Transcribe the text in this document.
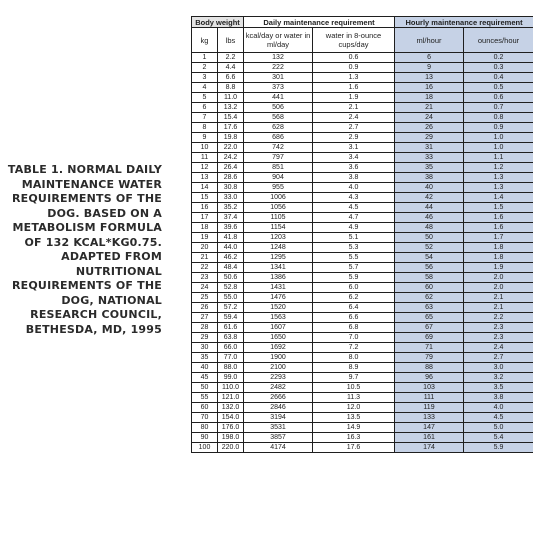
TABLE 1. NORMAL DAILY MAINTENANCE WATER REQUIREMENTS OF THE DOG. BASED ON A METABOLISM FORMULA OF 132 KCAL*KG0.75. ADAPTED FROM NUTRITIONAL REQUIREMENTS OF THE DOG, NATIONAL RESEARCH COUNCIL, BETHESDA, MD, 1995
Body weight		Daily maintenance requirement		Hourly maintenance requirement	
kg	lbs	kcal/day or water in ml/day	water in 8-ounce cups/day	ml/hour	ounces/hour
1	2.2	132	0.6	6	0.2
2	4.4	222	0.9	9	0.3
3	6.6	301	1.3	13	0.4
4	8.8	373	1.6	16	0.5
5	11.0	441	1.9	18	0.6
6	13.2	506	2.1	21	0.7
7	15.4	568	2.4	24	0.8
8	17.6	628	2.7	26	0.9
9	19.8	686	2.9	29	1.0
10	22.0	742	3.1	31	1.0
11	24.2	797	3.4	33	1.1
12	26.4	851	3.6	35	1.2
13	28.6	904	3.8	38	1.3
14	30.8	955	4.0	40	1.3
15	33.0	1006	4.3	42	1.4
16	35.2	1056	4.5	44	1.5
17	37.4	1105	4.7	46	1.6
18	39.6	1154	4.9	48	1.6
19	41.8	1203	5.1	50	1.7
20	44.0	1248	5.3	52	1.8
21	46.2	1295	5.5	54	1.8
22	48.4	1341	5.7	56	1.9
23	50.6	1386	5.9	58	2.0
24	52.8	1431	6.0	60	2.0
25	55.0	1476	6.2	62	2.1
26	57.2	1520	6.4	63	2.1
27	59.4	1563	6.6	65	2.2
28	61.6	1607	6.8	67	2.3
29	63.8	1650	7.0	69	2.3
30	66.0	1692	7.2	71	2.4
35	77.0	1900	8.0	79	2.7
40	88.0	2100	8.9	88	3.0
45	99.0	2293	9.7	96	3.2
50	110.0	2482	10.5	103	3.5
55	121.0	2666	11.3	111	3.8
60	132.0	2846	12.0	119	4.0
70	154.0	3194	13.5	133	4.5
80	176.0	3531	14.9	147	5.0
90	198.0	3857	16.3	161	5.4
100	220.0	4174	17.6	174	5.9
